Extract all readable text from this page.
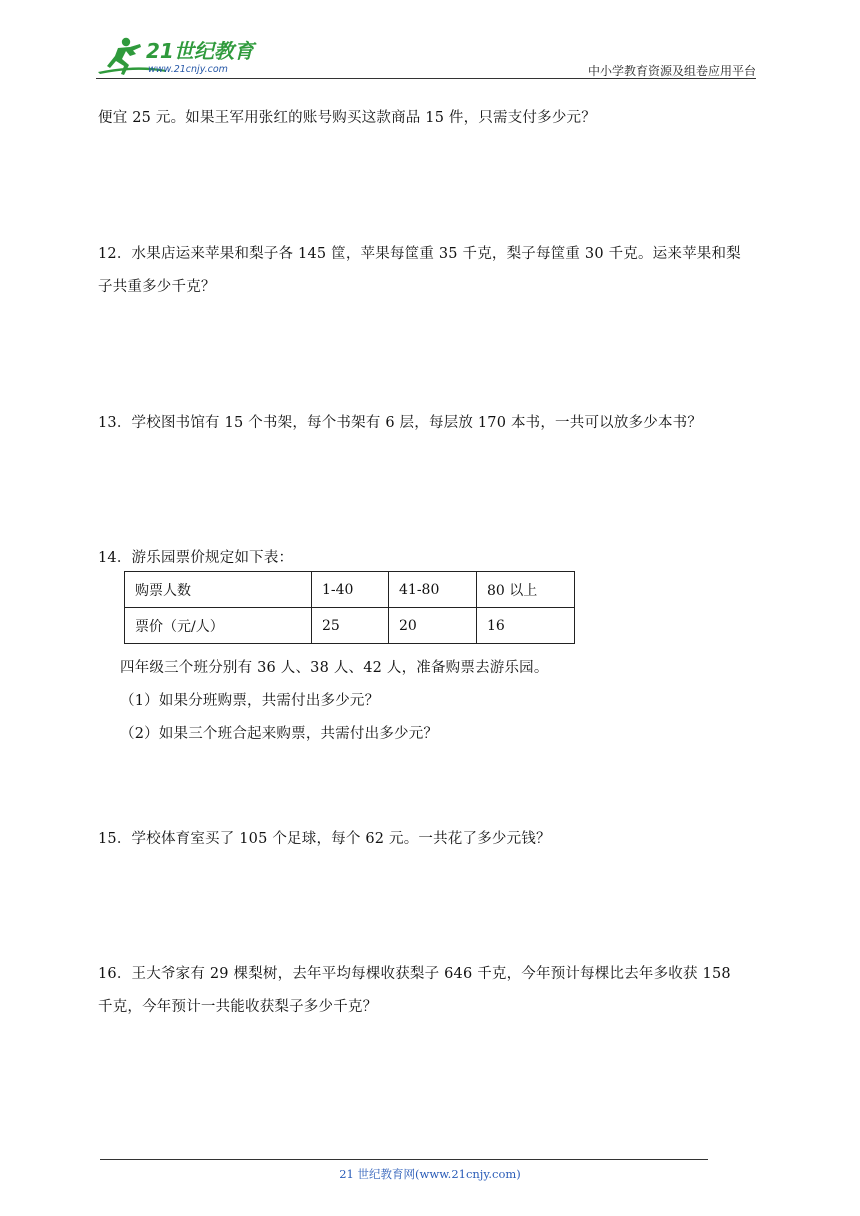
21世纪教育
www.21cnjy.com	中小学教育资源及组卷应用平台
便宜 25 元。如果王军用张红的账号购买这款商品 15 件，只需支付多少元？
12．水果店运来苹果和梨子各 145 筐，苹果每筐重 35 千克，梨子每筐重 30 千克。运来苹果和梨
子共重多少千克？
13．学校图书馆有 15 个书架，每个书架有 6 层，每层放 170 本书，一共可以放多少本书？
14．游乐园票价规定如下表：
购票人数	1-40	41-80	80 以上
票价（元/人）	25	20	16
四年级三个班分别有 36 人、38 人、42 人，准备购票去游乐园。
（1）如果分班购票，共需付出多少元？
（2）如果三个班合起来购票，共需付出多少元？
15．学校体育室买了 105 个足球，每个 62 元。一共花了多少元钱？
16．王大爷家有 29 棵梨树，去年平均每棵收获梨子 646 千克，今年预计每棵比去年多收获 158
千克，今年预计一共能收获梨子多少千克？
21 世纪教育网(www.21cnjy.com)
